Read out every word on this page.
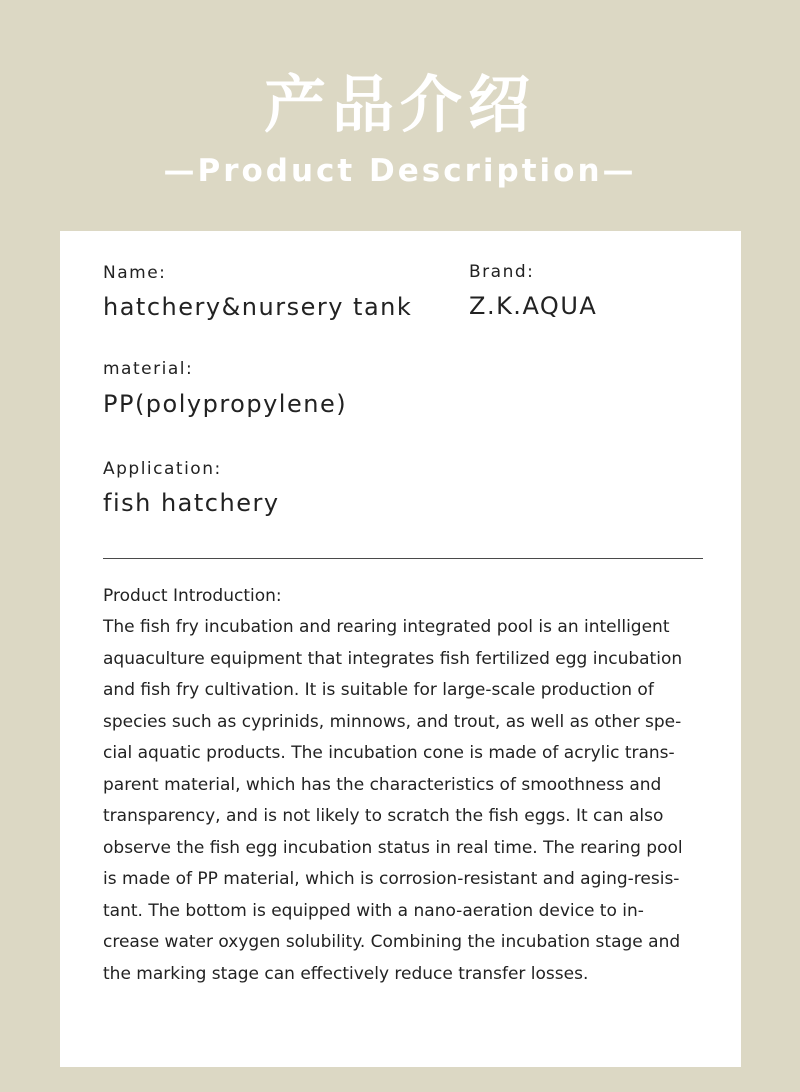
产品介绍
—Product Description—
Name:
hatchery&nursery tank
Brand:
Z.K.AQUA
material:
PP(polypropylene)
Application:
fish hatchery
Product Introduction:
The fish fry incubation and rearing integrated pool is an intelligent
aquaculture equipment that integrates fish fertilized egg incubation
and fish fry cultivation. It is suitable for large-scale production of
species such as cyprinids, minnows, and trout, as well as other spe-
cial aquatic products. The incubation cone is made of acrylic trans-
parent material, which has the characteristics of smoothness and
transparency, and is not likely to scratch the fish eggs. It can also
observe the fish egg incubation status in real time. The rearing pool
is made of PP material, which is corrosion-resistant and aging-resis-
tant. The bottom is equipped with a nano-aeration device to in-
crease water oxygen solubility. Combining the incubation stage and
the marking stage can effectively reduce transfer losses.
